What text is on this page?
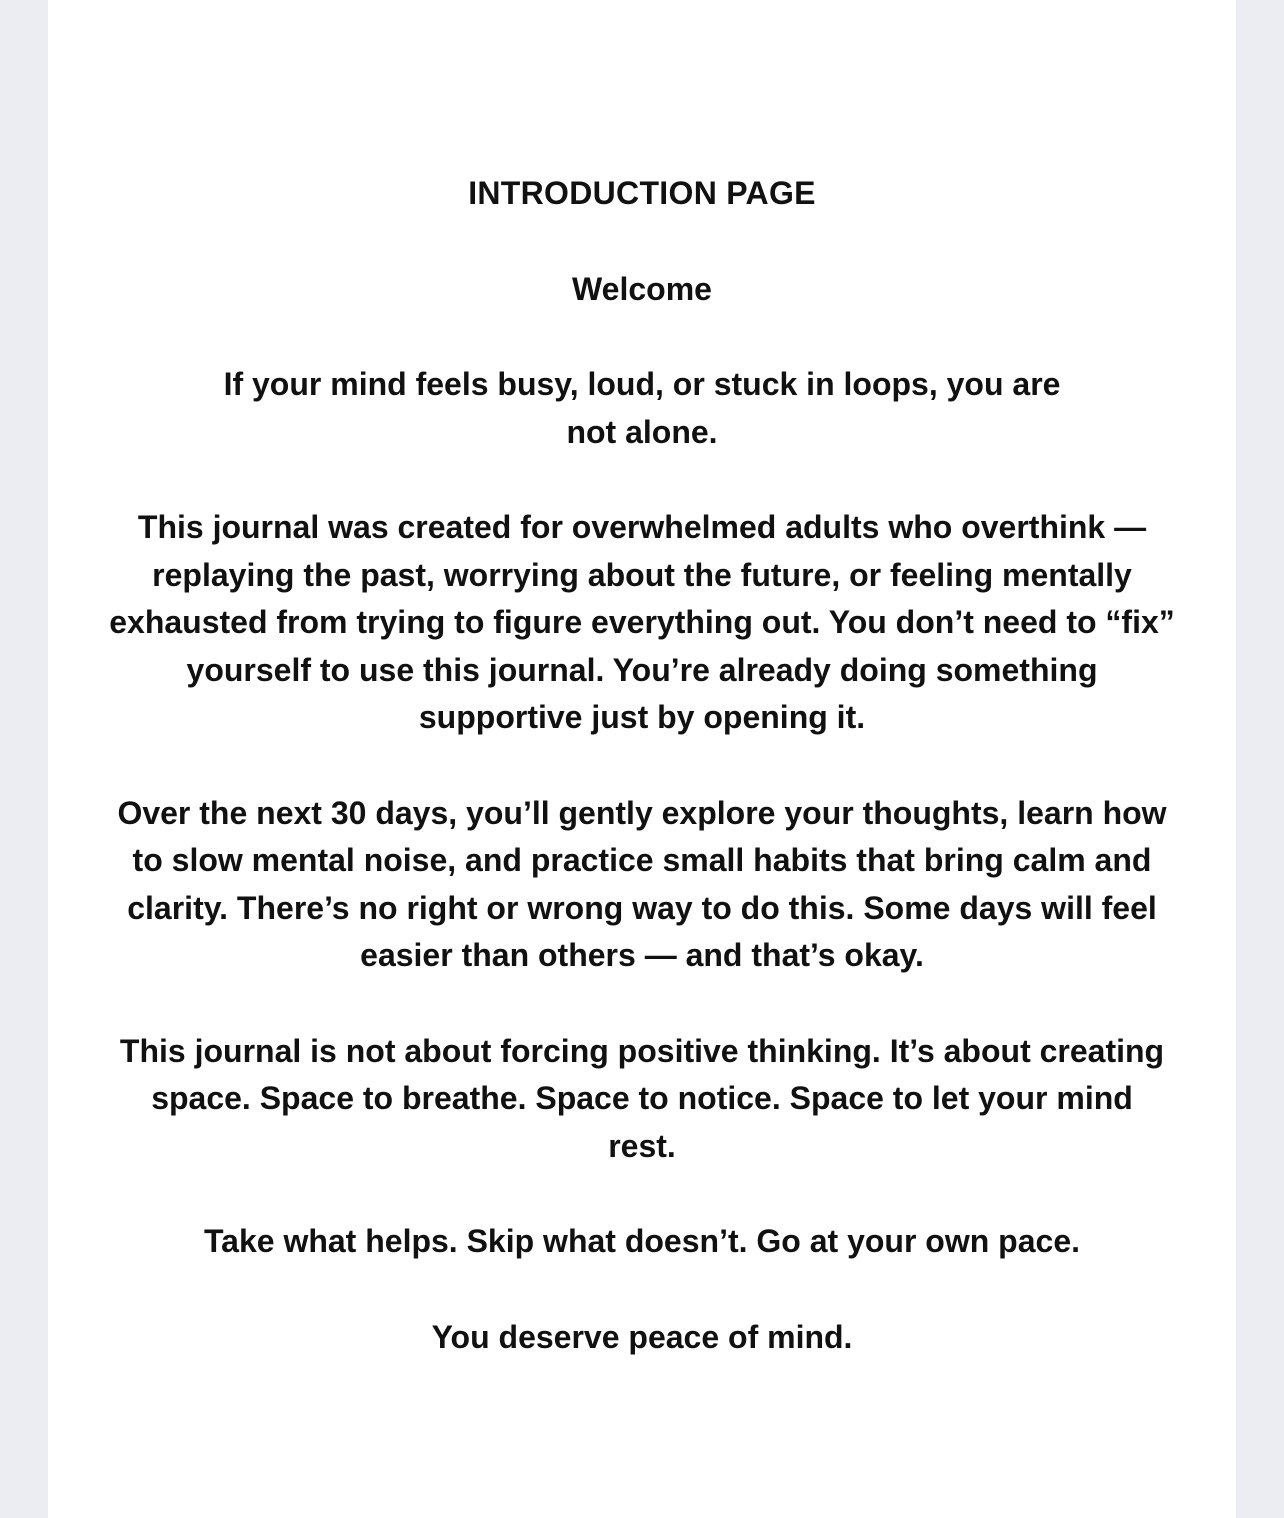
INTRODUCTION PAGE

Welcome

If your mind feels busy, loud, or stuck in loops, you are not alone.

This journal was created for overwhelmed adults who overthink — replaying the past, worrying about the future, or feeling mentally exhausted from trying to figure everything out. You don’t need to “fix” yourself to use this journal. You’re already doing something supportive just by opening it.

Over the next 30 days, you’ll gently explore your thoughts, learn how to slow mental noise, and practice small habits that bring calm and clarity. There’s no right or wrong way to do this. Some days will feel easier than others — and that’s okay.

This journal is not about forcing positive thinking. It’s about creating space. Space to breathe. Space to notice. Space to let your mind rest.

Take what helps. Skip what doesn’t. Go at your own pace.

You deserve peace of mind.
